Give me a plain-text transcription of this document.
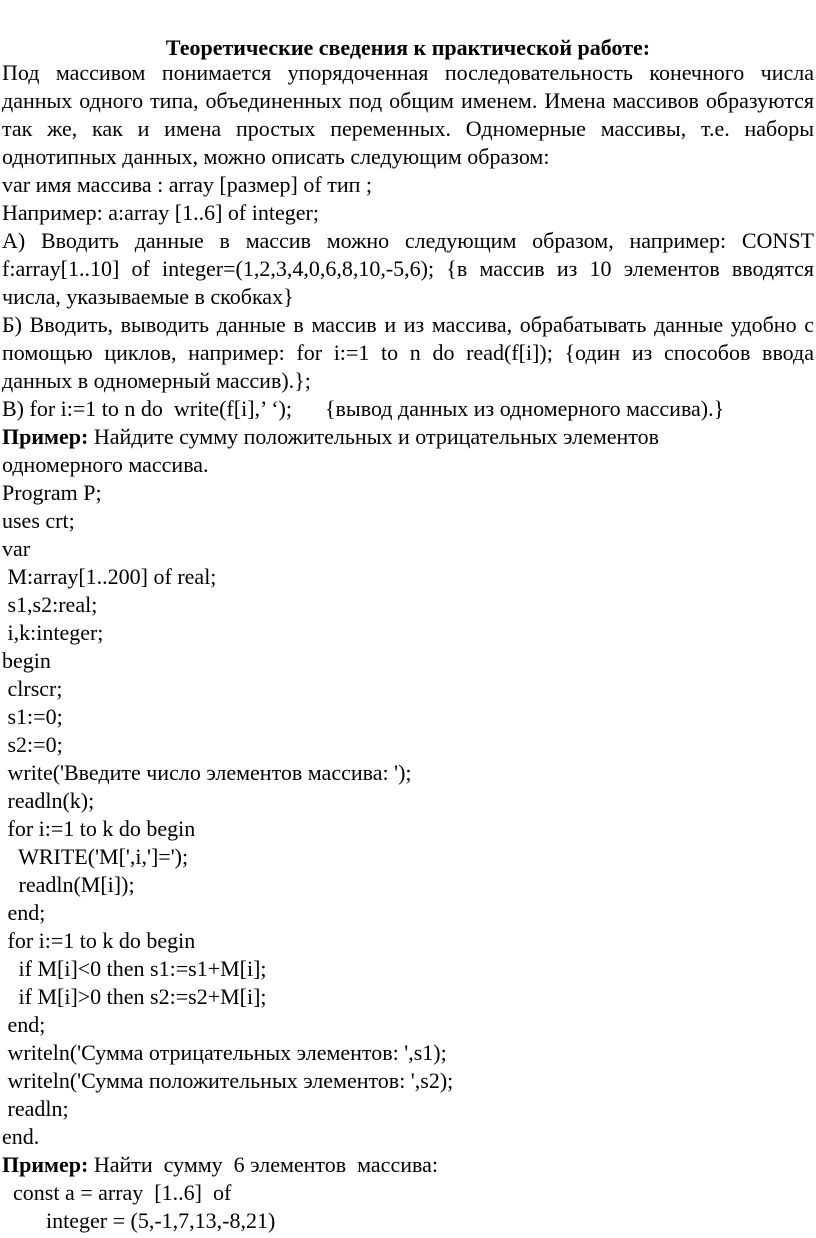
Теоретические сведения к практической работе:

Под массивом понимается упорядоченная последовательность конечного числа данных одного типа, объединенных под общим именем. Имена массивов образуются так же, как и имена простых переменных. Одномерные массивы, т.е. наборы однотипных данных, можно описать следующим образом:

var имя массива : array [размер] of тип ;

Например: a:array [1..6] of integer;

А) Вводить данные в массив можно следующим образом, например: CONST f:array[1..10] of integer=(1,2,3,4,0,6,8,10,-5,6); {в массив из 10 элементов вводятся числа, указываемые в скобках}

Б) Вводить, выводить данные в массив и из массива, обрабатывать данные удобно с помощью циклов, например: for i:=1 to n do read(f[i]); {один из способов ввода данных в одномерный массив).};

В) for i:=1 to n do  write(f[i],’ ‘);      {вывод данных из одномерного массива).}

Пример: Найдите сумму положительных и отрицательных элементов

одномерного массива.

Program P;

uses crt;

var

M:array[1..200] of real;

s1,s2:real;

i,k:integer;

begin

clrscr;

s1:=0;

s2:=0;

write('Введите число элементов массива: ');

readln(k);

for i:=1 to k do begin

WRITE('M[',i,']=');

readln(M[i]);

end;

for i:=1 to k do begin

if M[i]<0 then s1:=s1+M[i];

if M[i]>0 then s2:=s2+M[i];

end;

writeln('Сумма отрицательных элементов: ',s1);

writeln('Сумма положительных элементов: ',s2);

readln;

end.

Пример: Найти  сумму  6 элементов  массива:

const a = array  [1..6]  of

integer = (5,-1,7,13,-8,21)
